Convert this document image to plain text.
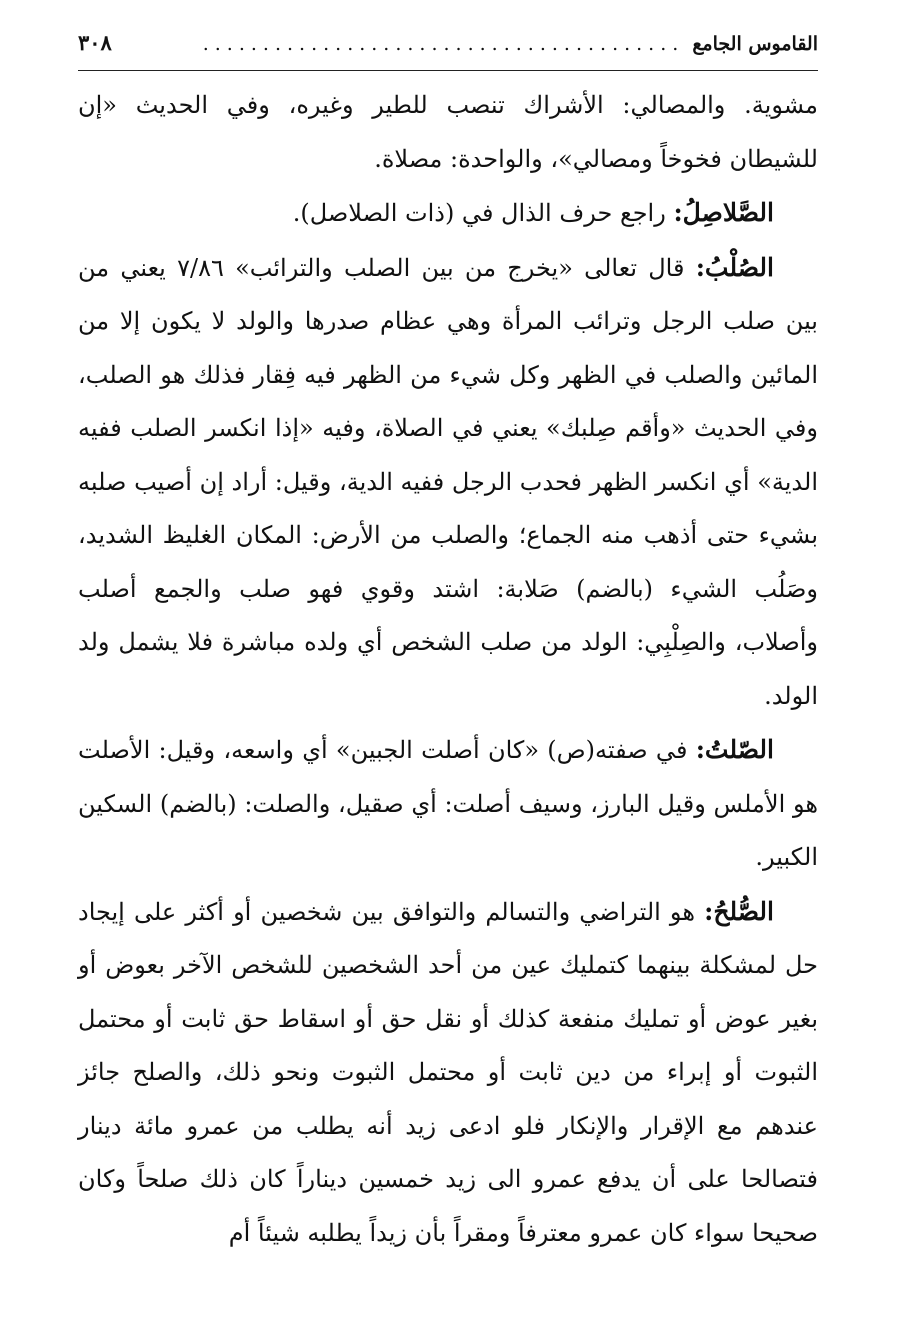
القاموس الجامع
........................................
٣٠٨

مشوية. والمصالي: الأشراك تنصب للطير وغيره، وفي الحديث «إن للشيطان فخوخاً ومصالي»، والواحدة: مصلاة.

الصَّلاصِلُ: راجع حرف الذال في (ذات الصلاصل).

الصُلْبُ: قال تعالى «يخرج من بين الصلب والترائب» ٧/٨٦ يعني من بين صلب الرجل وترائب المرأة وهي عظام صدرها والولد لا يكون إلا من المائين والصلب في الظهر وكل شيء من الظهر فيه فِقار فذلك هو الصلب، وفي الحديث «وأقم صِلبك» يعني في الصلاة، وفيه «إذا انكسر الصلب ففيه الدية» أي انكسر الظهر فحدب الرجل ففيه الدية، وقيل: أراد إن أصيب صلبه بشيء حتى أذهب منه الجماع؛ والصلب من الأرض: المكان الغليظ الشديد، وصَلُب الشيء (بالضم) صَلابة: اشتد وقوي فهو صلب والجمع أصلب وأصلاب، والصِلْبِي: الولد من صلب الشخص أي ولده مباشرة فلا يشمل ولد الولد.

الصّلتُ: في صفته(ص) «كان أصلت الجبين» أي واسعه، وقيل: الأصلت هو الأملس وقيل البارز، وسيف أصلت: أي صقيل، والصلت: (بالضم) السكين الكبير.

الصُّلحُ: هو التراضي والتسالم والتوافق بين شخصين أو أكثر على إيجاد حل لمشكلة بينهما كتمليك عين من أحد الشخصين للشخص الآخر بعوض أو بغير عوض أو تمليك منفعة كذلك أو نقل حق أو اسقاط حق ثابت أو محتمل الثبوت أو إبراء من دين ثابت أو محتمل الثبوت ونحو ذلك، والصلح جائز عندهم مع الإقرار والإنكار فلو ادعى زيد أنه يطلب من عمرو مائة دينار فتصالحا على أن يدفع عمرو الى زيد خمسين ديناراً كان ذلك صلحاً وكان صحيحا سواء كان عمرو معترفاً ومقراً بأن زيداً يطلبه شيئاً أم
